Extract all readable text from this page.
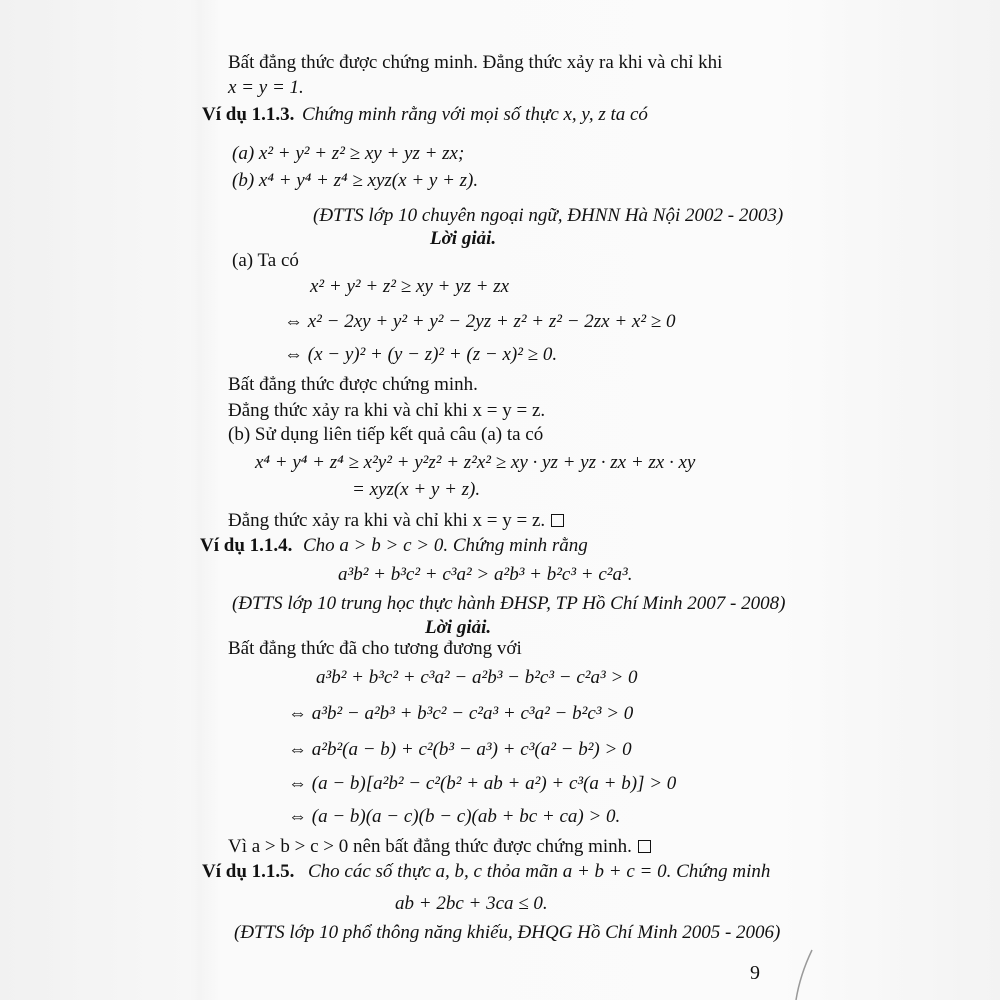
Bất đẳng thức được chứng minh. Đẳng thức xảy ra khi và chỉ khi
x = y = 1.
Ví dụ 1.1.3. Chứng minh rằng với mọi số thực x, y, z ta có
(a) x² + y² + z² ≥ xy + yz + zx;
(b) x⁴ + y⁴ + z⁴ ≥ xyz(x + y + z).
(ĐTTS lớp 10 chuyên ngoại ngữ, ĐHNN Hà Nội 2002 - 2003)
Lời giải.
(a) Ta có
x² + y² + z² ≥ xy + yz + zx
⇔ x² − 2xy + y² + y² − 2yz + z² + z² − 2zx + x² ≥ 0
⇔ (x − y)² + (y − z)² + (z − x)² ≥ 0.
Bất đẳng thức được chứng minh.
Đẳng thức xảy ra khi và chỉ khi x = y = z.
(b) Sử dụng liên tiếp kết quả câu (a) ta có
x⁴ + y⁴ + z⁴ ≥ x²y² + y²z² + z²x² ≥ xy · yz + yz · zx + zx · xy
= xyz(x + y + z).
Đẳng thức xảy ra khi và chỉ khi x = y = z.
Ví dụ 1.1.4. Cho a > b > c > 0. Chứng minh rằng
a³b² + b³c² + c³a² > a²b³ + b²c³ + c²a³.
(ĐTTS lớp 10 trung học thực hành ĐHSP, TP Hồ Chí Minh 2007 - 2008)
Lời giải.
Bất đẳng thức đã cho tương đương với
a³b² + b³c² + c³a² − a²b³ − b²c³ − c²a³ > 0
⇔ a³b² − a²b³ + b³c² − c²a³ + c³a² − b²c³ > 0
⇔ a²b²(a − b) + c²(b³ − a³) + c³(a² − b²) > 0
⇔ (a − b)[a²b² − c²(b² + ab + a²) + c³(a + b)] > 0
⇔ (a − b)(a − c)(b − c)(ab + bc + ca) > 0.
Vì a > b > c > 0 nên bất đẳng thức được chứng minh.
Ví dụ 1.1.5. Cho các số thực a, b, c thỏa mãn a + b + c = 0. Chứng minh
ab + 2bc + 3ca ≤ 0.
(ĐTTS lớp 10 phổ thông năng khiếu, ĐHQG Hồ Chí Minh 2005 - 2006)
9
